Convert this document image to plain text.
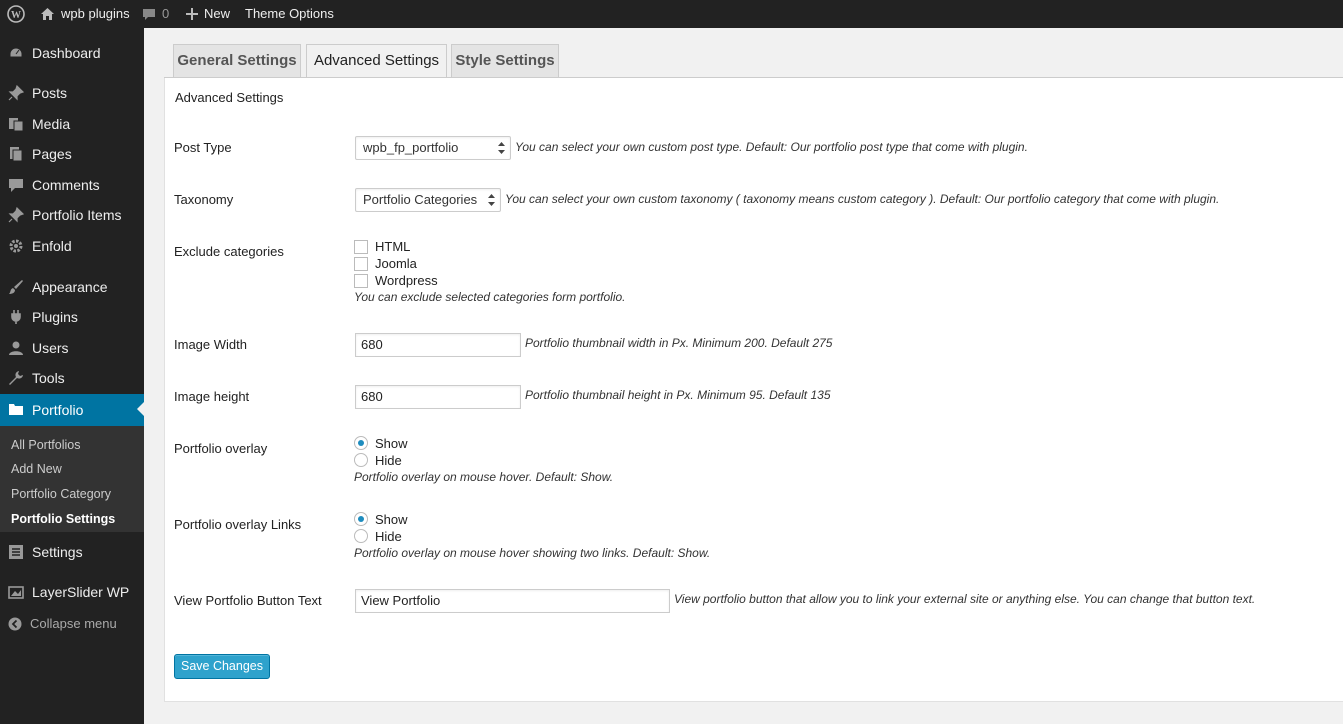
W	wpb plugins 0	New Theme Options
Dashboard
Posts
Media
Pages
Comments
Portfolio Items
Enfold
Appearance
Plugins
Users
Tools
Portfolio
All Portfolios
Add New
Portfolio Category
Portfolio Settings
Settings
LayerSlider WP
Collapse menu
General Settings	Advanced Settings	Style Settings
Advanced Settings
Post Type	wpb_fp_portfolio	You can select your own custom post type. Default: Our portfolio post type that come with plugin.
Taxonomy	Portfolio Categories	You can select your own custom taxonomy ( taxonomy means custom category ). Default: Our portfolio category that come with plugin.
Exclude categories	HTML
Joomla
Wordpress
You can exclude selected categories form portfolio.
Image Width	680	Portfolio thumbnail width in Px. Minimum 200. Default 275
Image height	680	Portfolio thumbnail height in Px. Minimum 95. Default 135
Portfolio overlay	Show
Hide
Portfolio overlay on mouse hover. Default: Show.
Portfolio overlay Links	Show
Hide
Portfolio overlay on mouse hover showing two links. Default: Show.
View Portfolio Button Text	View Portfolio	View portfolio button that allow you to link your external site or anything else. You can change that button text.
Save Changes
